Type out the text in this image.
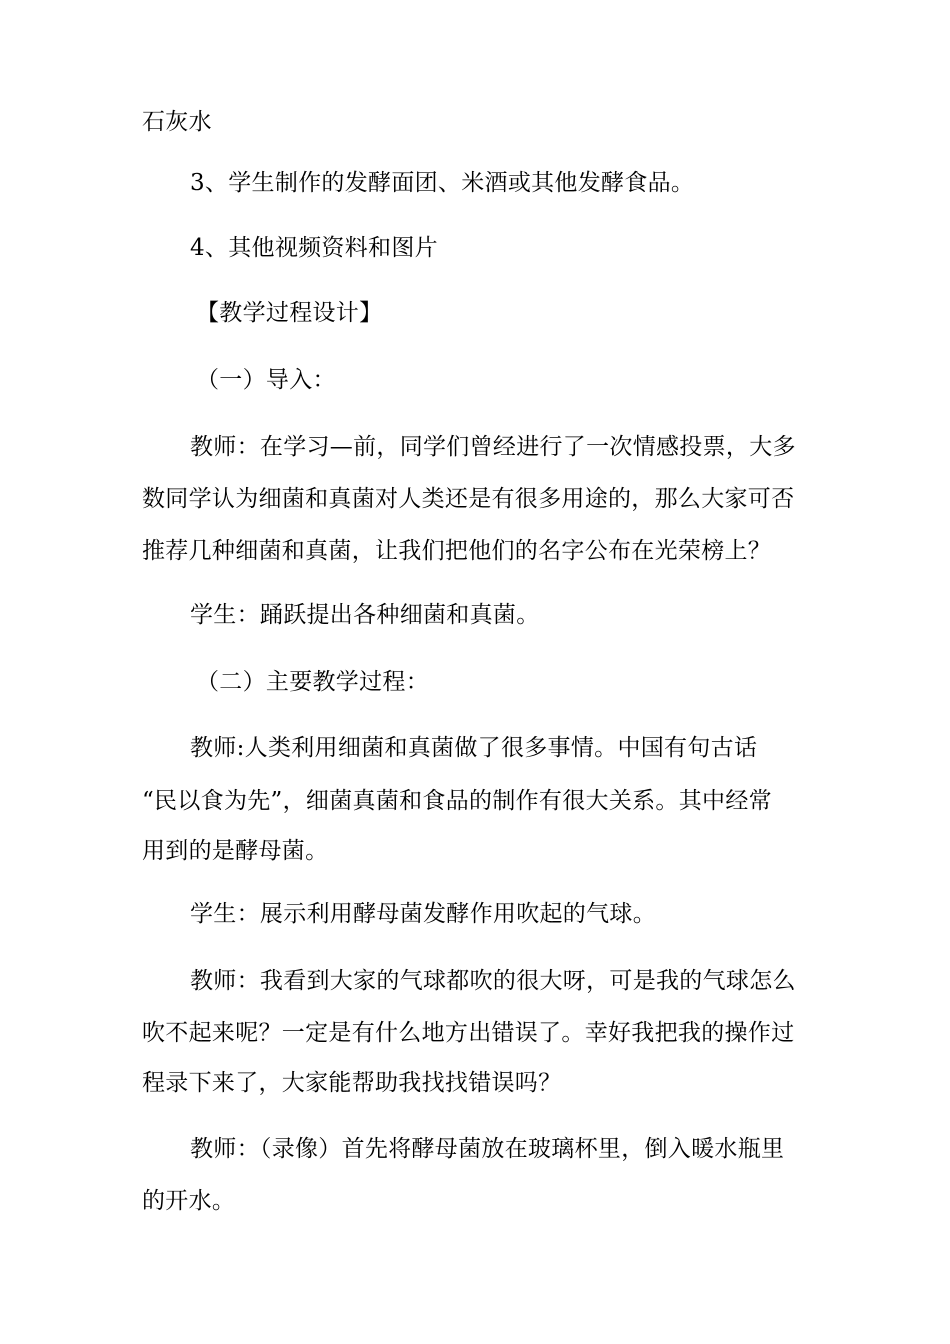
石灰水
3、学生制作的发酵面团、米酒或其他发酵食品。
4、其他视频资料和图片
【教学过程设计】
（一）导入：
教师：在学习—前，同学们曾经进行了一次情感投票，大多
数同学认为细菌和真菌对人类还是有很多用途的，那么大家可否
推荐几种细菌和真菌，让我们把他们的名字公布在光荣榜上？
学生：踊跃提出各种细菌和真菌。
（二）主要教学过程：
教师:人类利用细菌和真菌做了很多事情。中国有句古话
“民以食为先”，细菌真菌和食品的制作有很大关系。其中经常
用到的是酵母菌。
学生：展示利用酵母菌发酵作用吹起的气球。
教师：我看到大家的气球都吹的很大呀，可是我的气球怎么
吹不起来呢？一定是有什么地方出错误了。幸好我把我的操作过
程录下来了，大家能帮助我找找错误吗？
教师：（录像）首先将酵母菌放在玻璃杯里，倒入暖水瓶里
的开水。
